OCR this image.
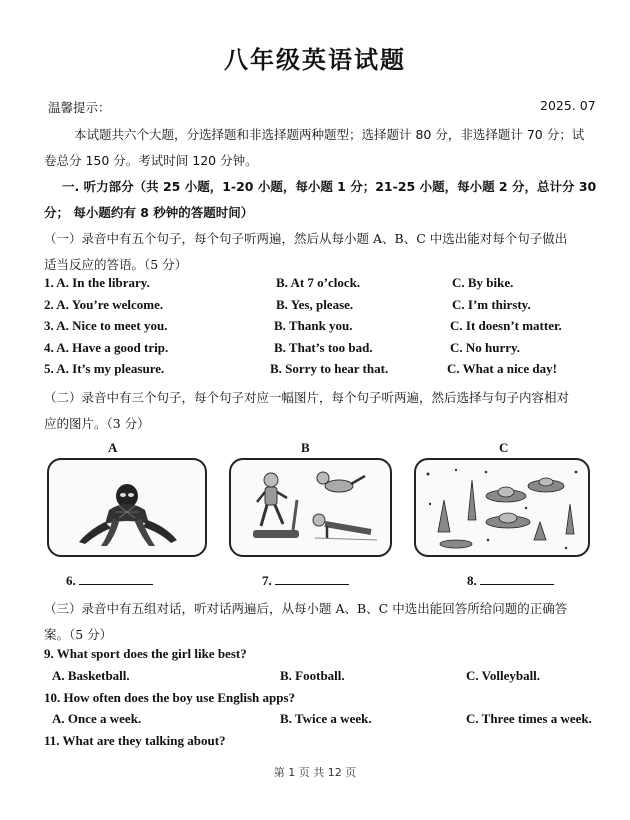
八年级英语试题
温馨提示：	2025. 07
本试题共六个大题，分选择题和非选择题两种题型；选择题计 80 分，非选择题计 70 分；试
卷总分 150 分。考试时间 120 分钟。
一. 听力部分（共 25 小题，1-20 小题，每小题 1 分；21-25 小题，每小题 2 分，总计分 30
分； 每小题约有 8 秒钟的答题时间）
（一）录音中有五个句子，每个句子听两遍，然后从每小题 A、B、C 中选出能对每个句子做出
适当反应的答语。（5 分）
1. A. In the library.	B. At 7 o’clock.	C. By bike.
2. A. You’re welcome.	B. Yes, please.	C. I’m thirsty.
3. A. Nice to meet you.	B. Thank you.	C. It doesn’t matter.
4. A. Have a good trip.	B. That’s too bad.	C. No hurry.
5. A. It’s my pleasure.	B. Sorry to hear that.	C. What a nice day!
（二）录音中有三个句子，每个句子对应一幅图片，每个句子听两遍，然后选择与句子内容相对
应的图片。（3 分）
A	B	C
6.	7.	8.
（三）录音中有五组对话，听对话两遍后，从每小题 A、B、C 中选出能回答所给问题的正确答
案。（5 分）
9. What sport does the girl like best?
A. Basketball.	B. Football.	C. Volleyball.
10. How often does the boy use English apps?
A. Once a week.	B. Twice a week.	C. Three times a week.
11. What are they talking about?
第 1 页 共 12 页
